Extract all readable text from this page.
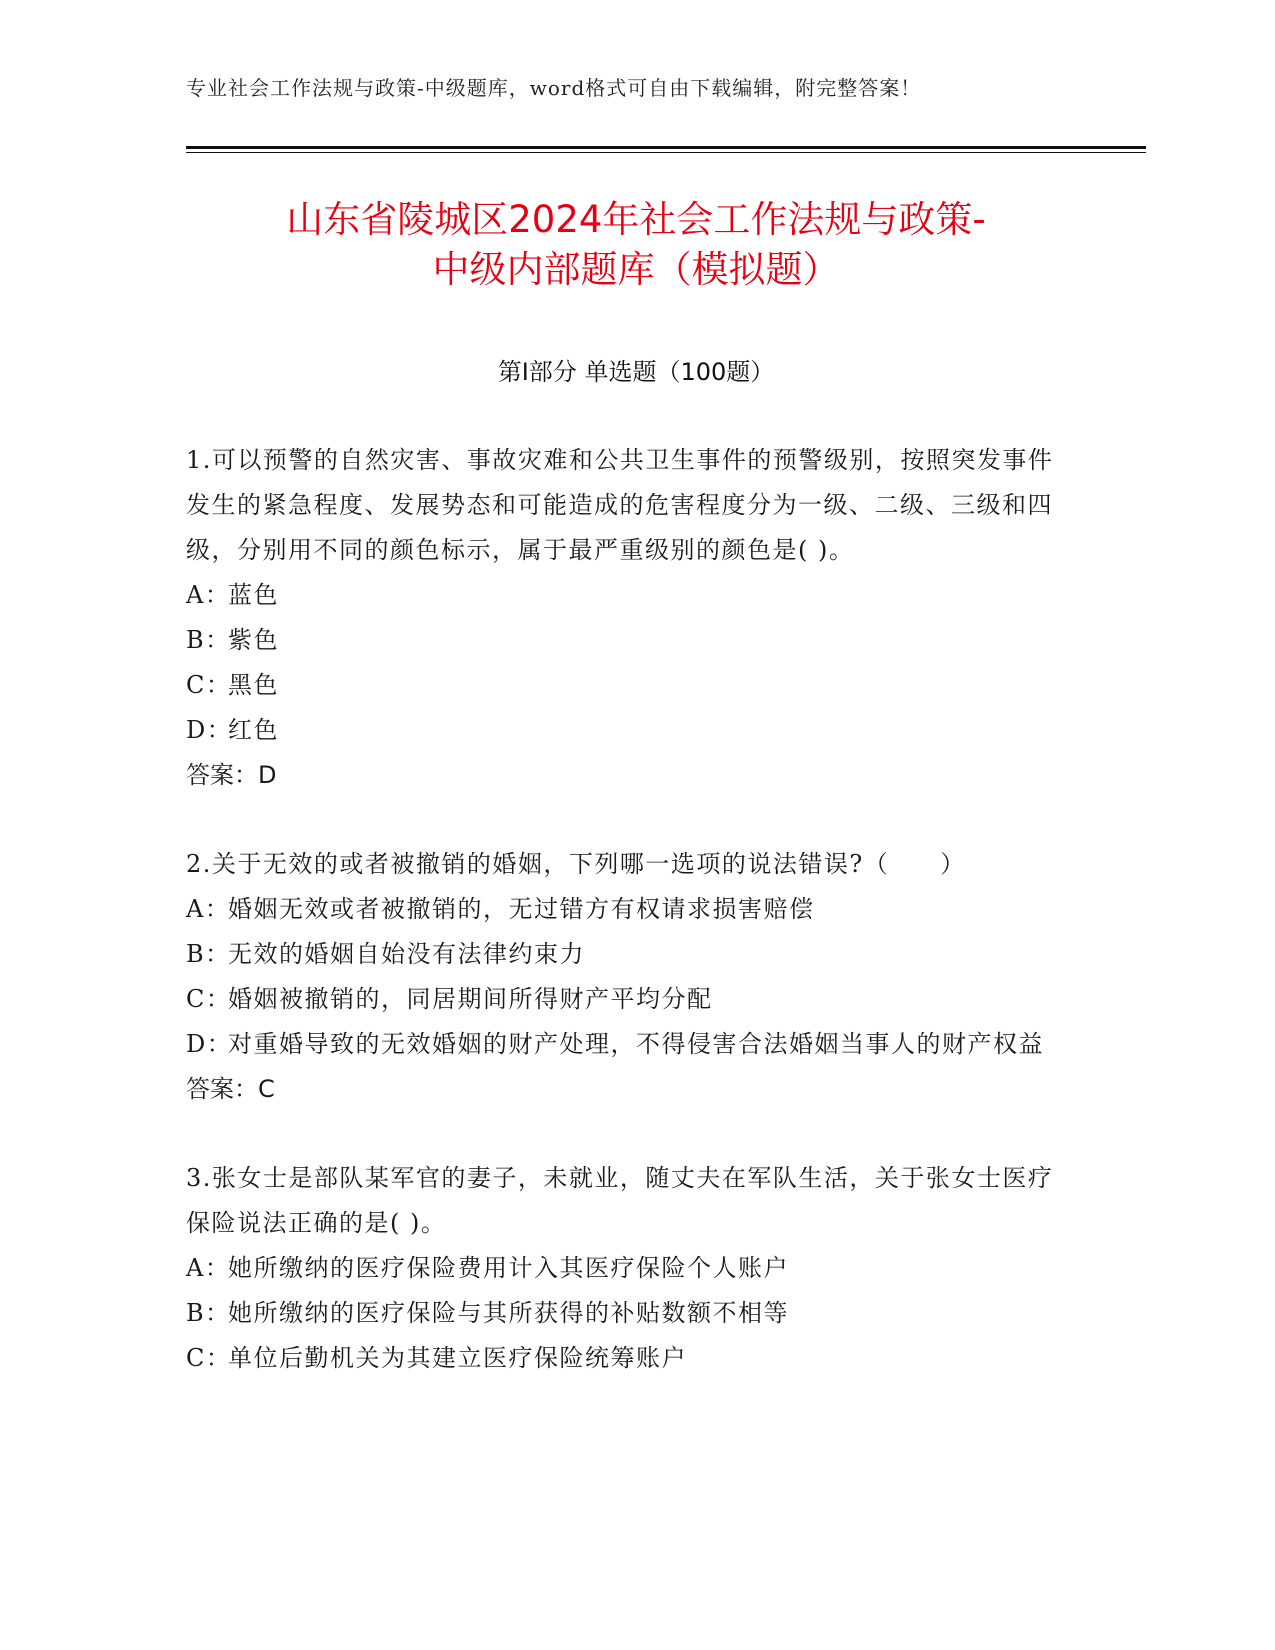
专业社会工作法规与政策-中级题库，word格式可自由下载编辑，附完整答案！
山东省陵城区2024年社会工作法规与政策-
中级内部题库（模拟题）
第I部分 单选题（100题）

1.可以预警的自然灾害、事故灾难和公共卫生事件的预警级别，按照突发事件发生的紧急程度、发展势态和可能造成的危害程度分为一级、二级、三级和四级，分别用不同的颜色标示，属于最严重级别的颜色是( )。

A：蓝色

B：紫色

C：黑色

D：红色

答案：D

2.关于无效的或者被撤销的婚姻，下列哪一选项的说法错误?（　　）

A：婚姻无效或者被撤销的，无过错方有权请求损害赔偿

B：无效的婚姻自始没有法律约束力

C：婚姻被撤销的，同居期间所得财产平均分配

D：对重婚导致的无效婚姻的财产处理，不得侵害合法婚姻当事人的财产权益

答案：C

3.张女士是部队某军官的妻子，未就业，随丈夫在军队生活，关于张女士医疗保险说法正确的是( )。

A：她所缴纳的医疗保险费用计入其医疗保险个人账户

B：她所缴纳的医疗保险与其所获得的补贴数额不相等

C：单位后勤机关为其建立医疗保险统筹账户
